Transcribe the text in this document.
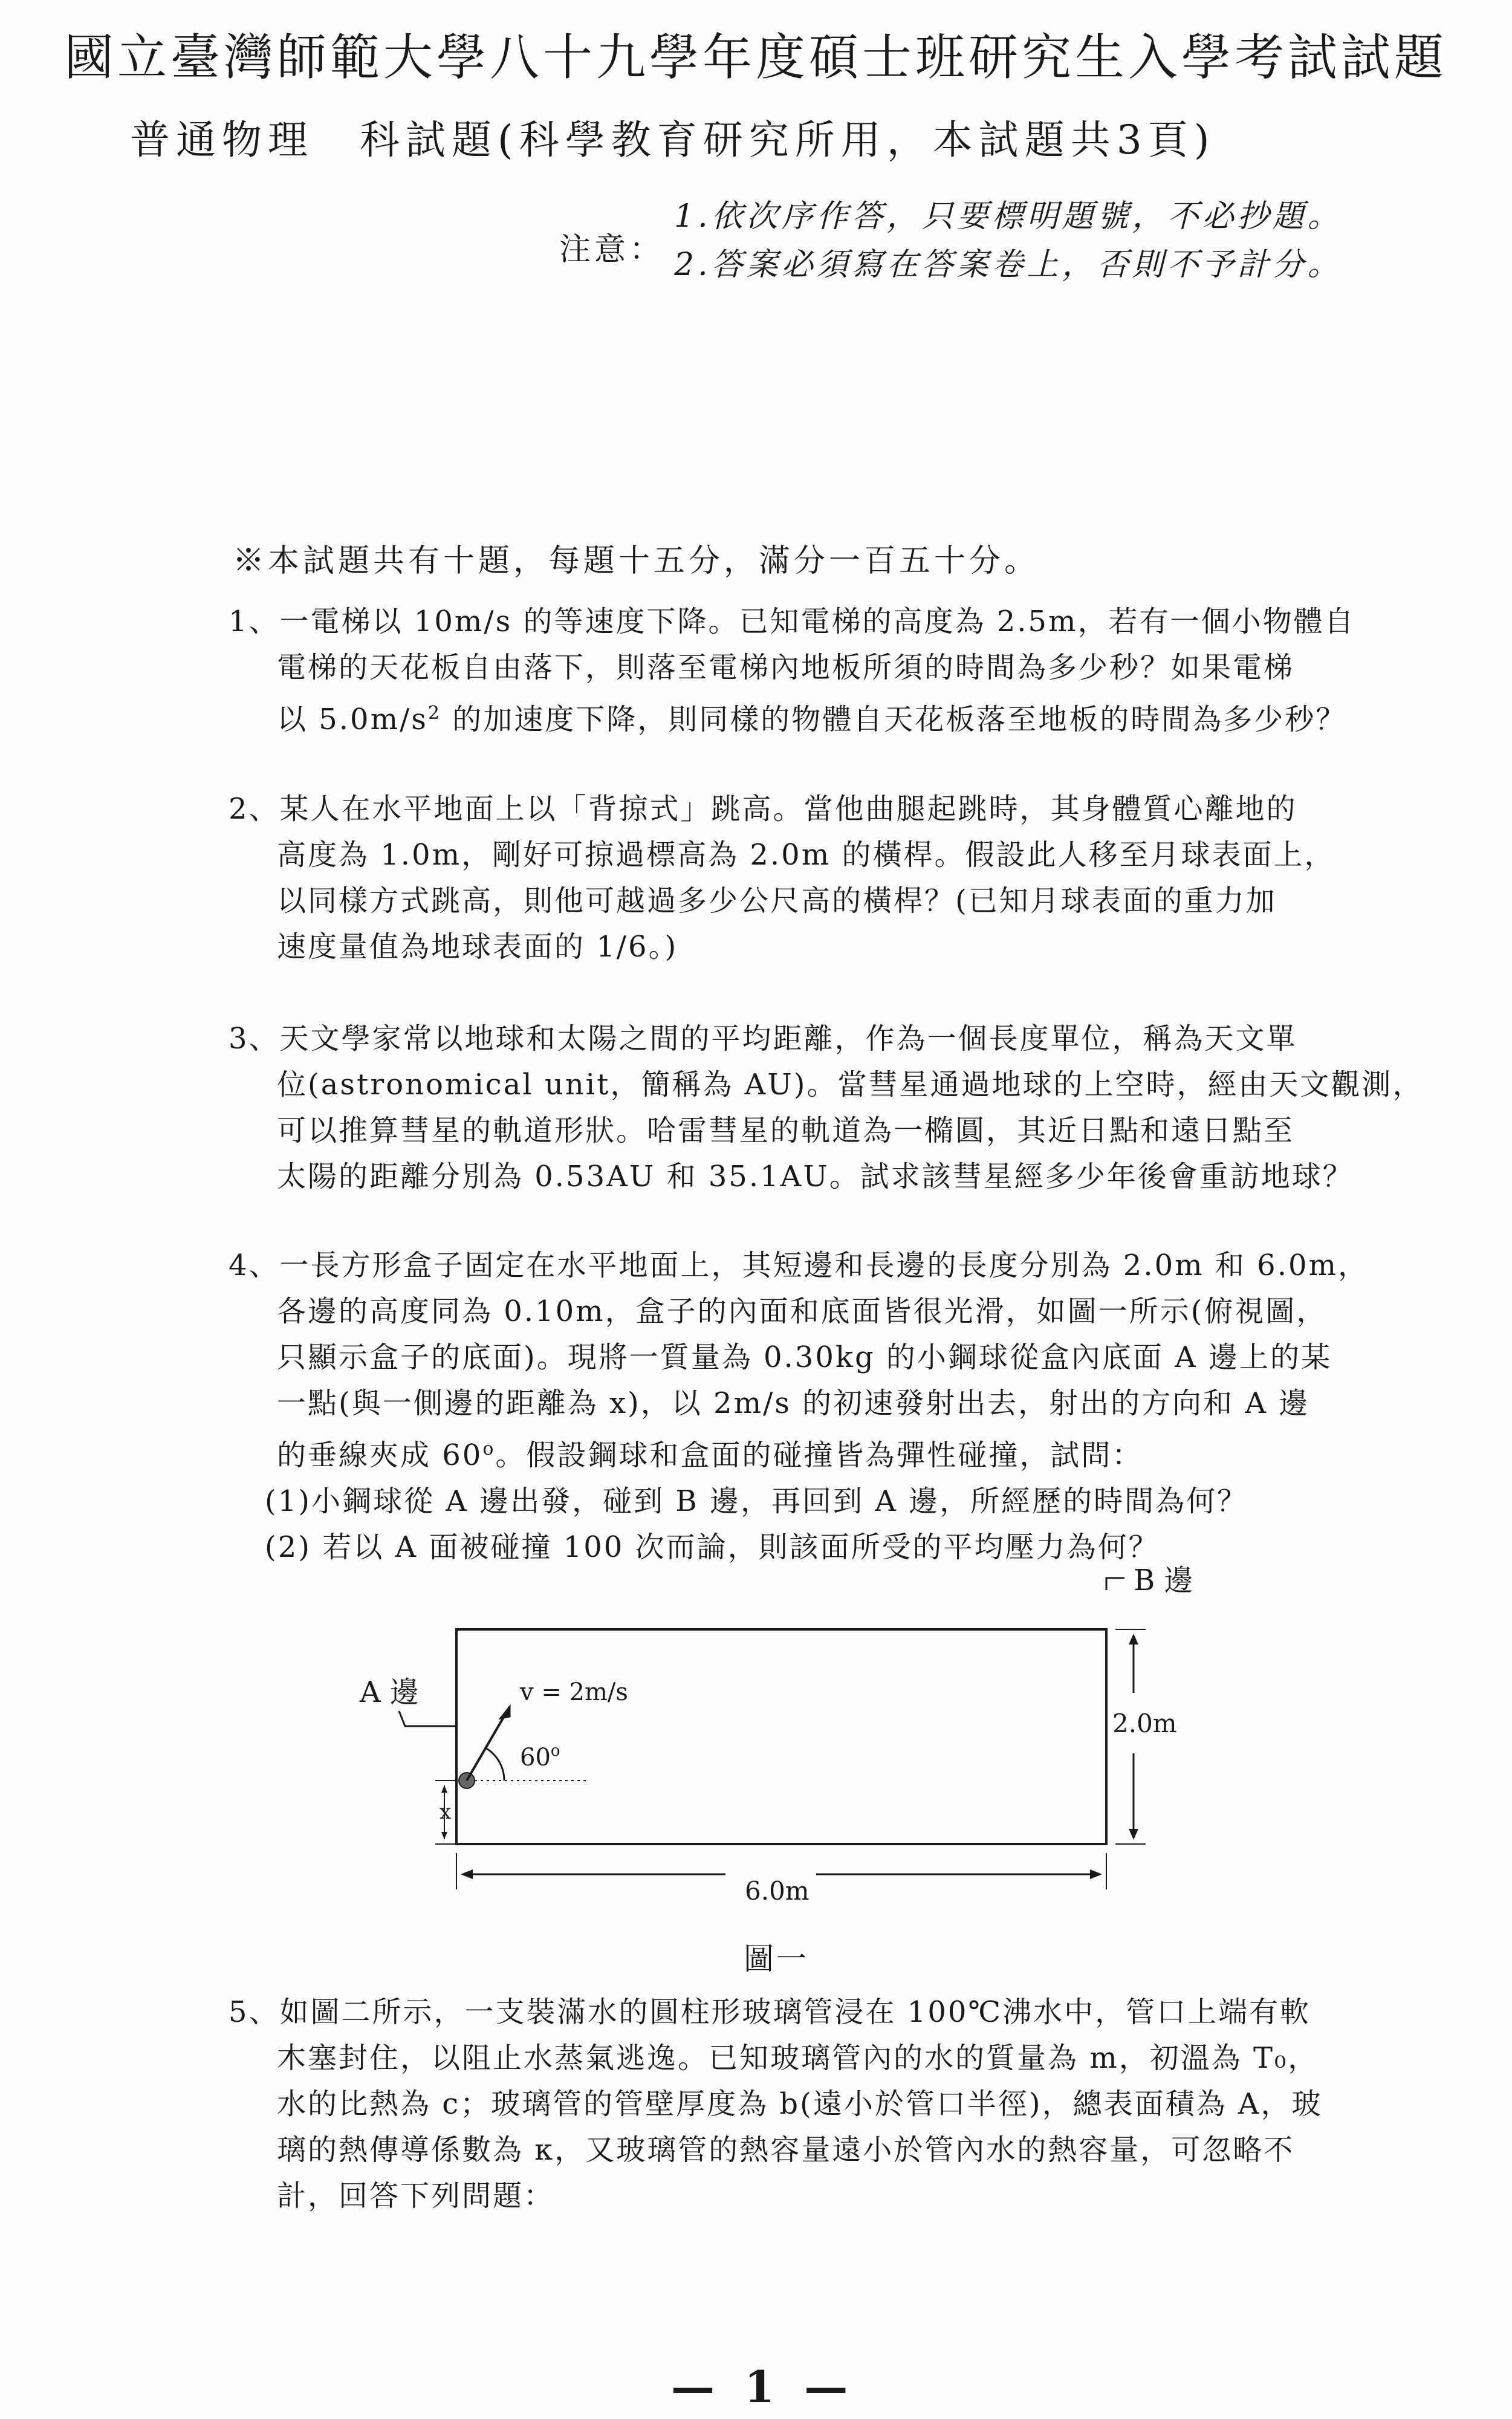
國立臺灣師範大學八十九學年度碩士班研究生入學考試試題
普通物理　科試題(科學教育研究所用，本試題共3頁)
注意：
1.依次序作答，只要標明題號，不必抄題。
2.答案必須寫在答案卷上，否則不予計分。
※本試題共有十題，每題十五分，滿分一百五十分。
1、一電梯以 10m/s 的等速度下降。已知電梯的高度為 2.5m，若有一個小物體自
電梯的天花板自由落下，則落至電梯內地板所須的時間為多少秒？如果電梯
以 $5.0m/s^2$ 的加速度下降，則同樣的物體自天花板落至地板的時間為多少秒？
2、某人在水平地面上以「背掠式」跳高。當他曲腿起跳時，其身體質心離地的
高度為 1.0m，剛好可掠過標高為 2.0m 的橫桿。假設此人移至月球表面上，
以同樣方式跳高，則他可越過多少公尺高的橫桿？(已知月球表面的重力加
速度量值為地球表面的 1/6。)
3、天文學家常以地球和太陽之間的平均距離，作為一個長度單位，稱為天文單
位(astronomical unit，簡稱為 AU)。當彗星通過地球的上空時，經由天文觀測，
可以推算彗星的軌道形狀。哈雷彗星的軌道為一橢圓，其近日點和遠日點至
太陽的距離分別為 0.53AU 和 35.1AU。試求該彗星經多少年後會重訪地球？
4、一長方形盒子固定在水平地面上，其短邊和長邊的長度分別為 2.0m 和 6.0m，
各邊的高度同為 0.10m，盒子的內面和底面皆很光滑，如圖一所示(俯視圖，
只顯示盒子的底面)。現將一質量為 0.30kg 的小鋼球從盒內底面 A 邊上的某
一點(與一側邊的距離為 x)，以 2m/s 的初速發射出去，射出的方向和 A 邊
的垂線夾成 60$^o$。假設鋼球和盒面的碰撞皆為彈性碰撞，試問：
(1)小鋼球從 A 邊出發，碰到 B 邊，再回到 A 邊，所經歷的時間為何？
(2) 若以 A 面被碰撞 100 次而論，則該面所受的平均壓力為何？
B 邊
A 邊	v = 2m/s
60$^o$
x
2.0m
6.0m
圖一
5、如圖二所示，一支裝滿水的圓柱形玻璃管浸在 100℃沸水中，管口上端有軟
木塞封住，以阻止水蒸氣逃逸。已知玻璃管內的水的質量為 m，初溫為 T₀，
水的比熱為 c；玻璃管的管壁厚度為 b(遠小於管口半徑)，總表面積為 A，玻
璃的熱傳導係數為 κ，又玻璃管的熱容量遠小於管內水的熱容量，可忽略不
計，回答下列問題：
— 1 —
